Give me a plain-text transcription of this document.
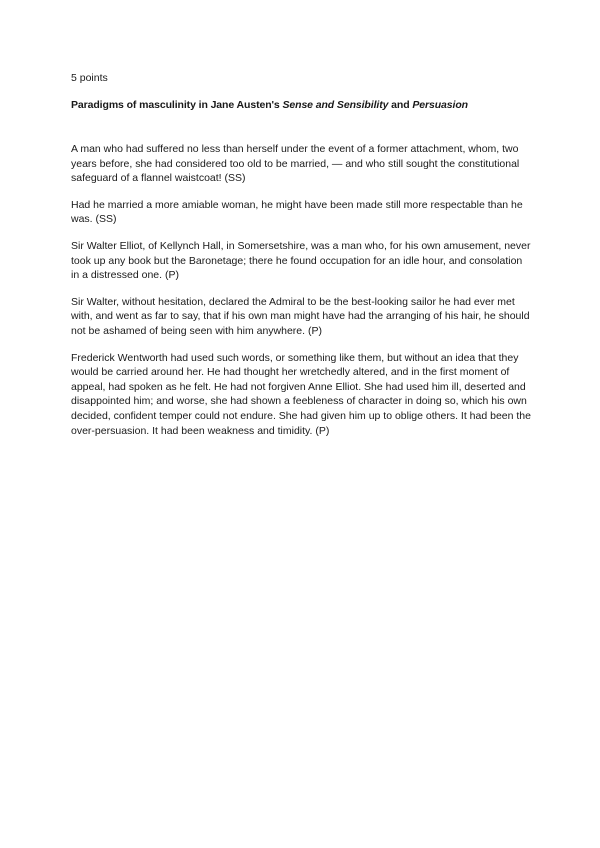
5 points
Paradigms of masculinity in Jane Austen's Sense and Sensibility and Persuasion

A man who had suffered no less than herself under the event of a former attachment, whom, two years before, she had considered too old to be married, — and who still sought the constitutional safeguard of a flannel waistcoat! (SS)

Had he married a more amiable woman, he might have been made still more respectable than he was. (SS)

Sir Walter Elliot, of Kellynch Hall, in Somersetshire, was a man who, for his own amusement, never took up any book but the Baronetage; there he found occupation for an idle hour, and consolation in a distressed one. (P)

Sir Walter, without hesitation, declared the Admiral to be the best-looking sailor he had ever met with, and went as far to say, that if his own man might have had the arranging of his hair, he should not be ashamed of being seen with him anywhere. (P)

Frederick Wentworth had used such words, or something like them, but without an idea that they would be carried around her. He had thought her wretchedly altered, and in the first moment of appeal, had spoken as he felt. He had not forgiven Anne Elliot. She had used him ill, deserted and disappointed him; and worse, she had shown a feebleness of character in doing so, which his own decided, confident temper could not endure. She had given him up to oblige others. It had been the over-persuasion. It had been weakness and timidity. (P)
